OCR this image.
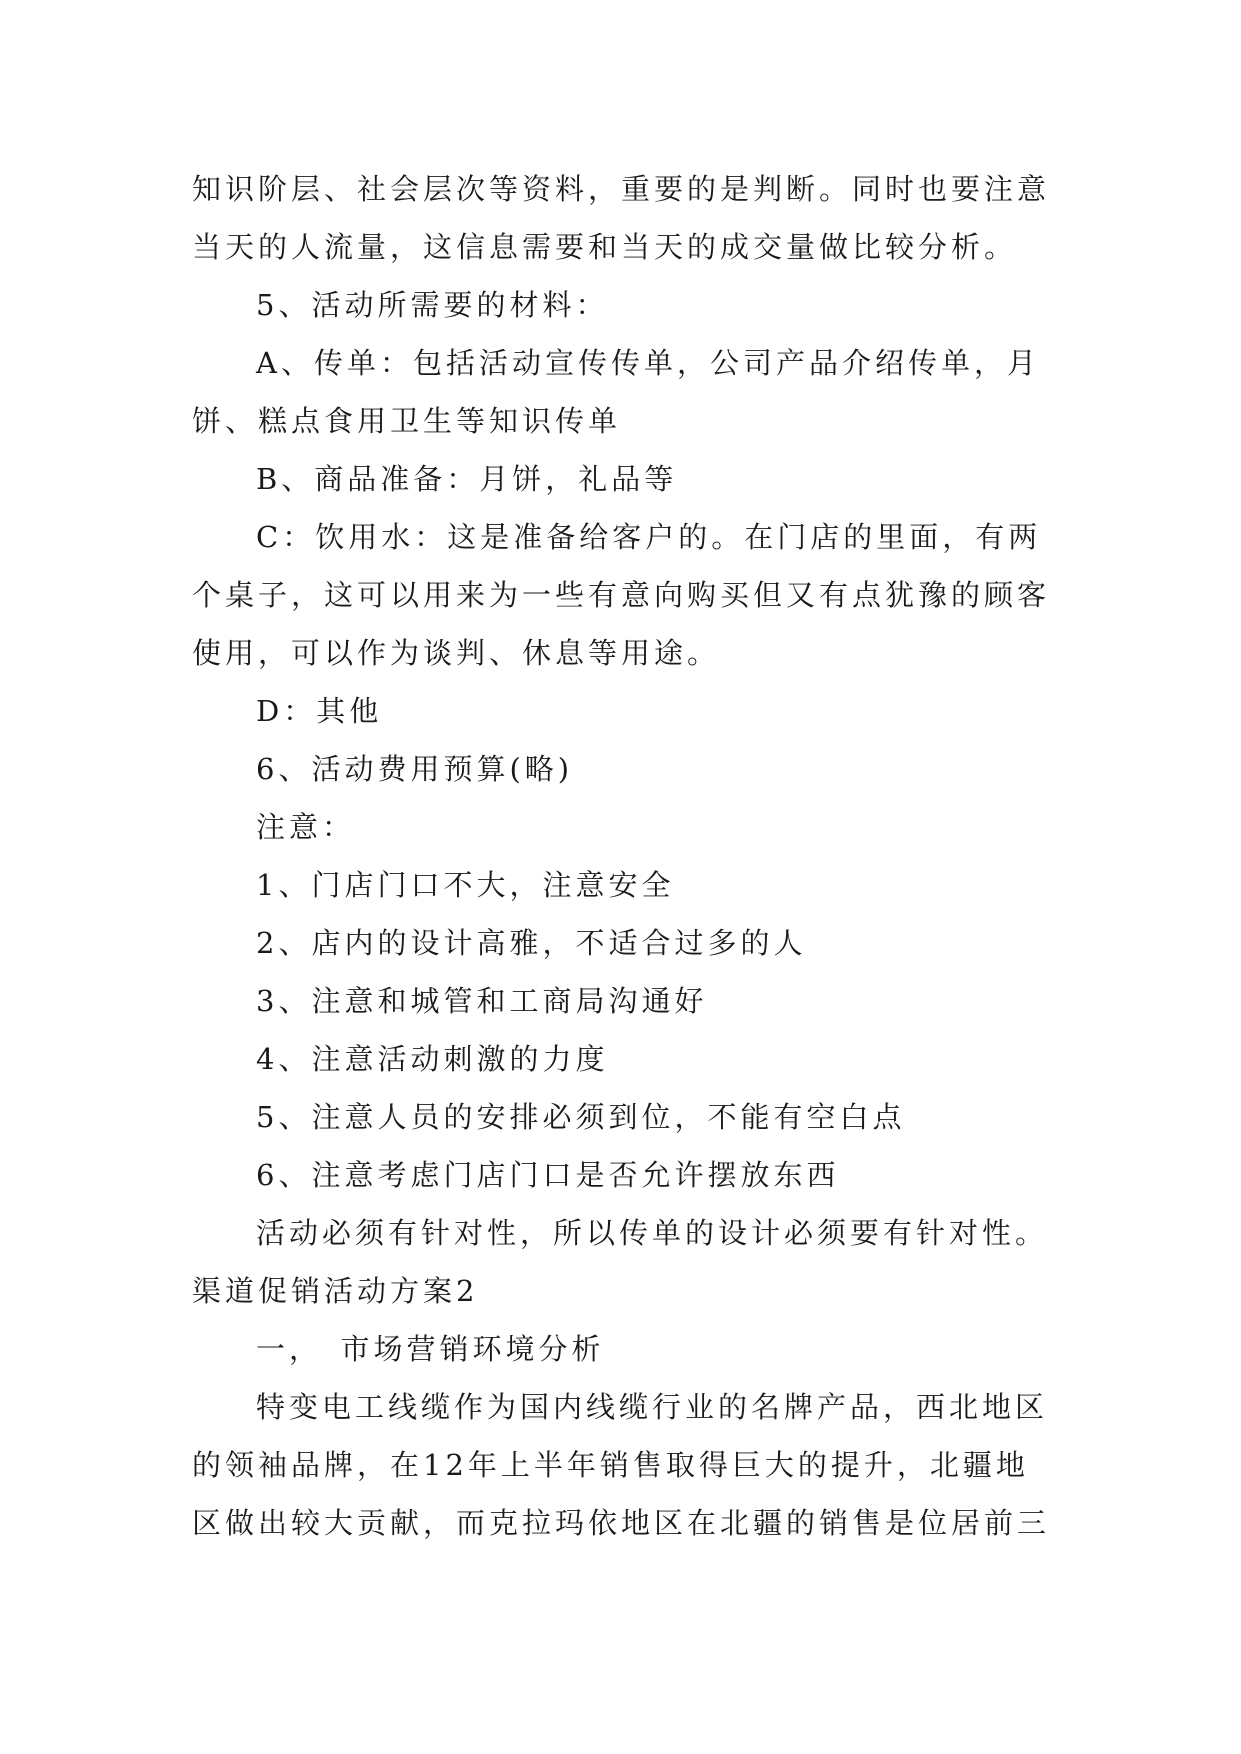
知识阶层、社会层次等资料，重要的是判断。同时也要注意
当天的人流量，这信息需要和当天的成交量做比较分析。
5、活动所需要的材料：
A、传单：包括活动宣传传单，公司产品介绍传单，月
饼、糕点食用卫生等知识传单
B、商品准备：月饼，礼品等
C：饮用水：这是准备给客户的。在门店的里面，有两
个桌子，这可以用来为一些有意向购买但又有点犹豫的顾客
使用，可以作为谈判、休息等用途。
D：其他
6、活动费用预算(略)
注意：
1、门店门口不大，注意安全
2、店内的设计高雅，不适合过多的人
3、注意和城管和工商局沟通好
4、注意活动刺激的力度
5、注意人员的安排必须到位，不能有空白点
6、注意考虑门店门口是否允许摆放东西
活动必须有针对性，所以传单的设计必须要有针对性。
渠道促销活动方案2
一，　市场营销环境分析
特变电工线缆作为国内线缆行业的名牌产品，西北地区
的领袖品牌，在12年上半年销售取得巨大的提升，北疆地
区做出较大贡献，而克拉玛依地区在北疆的销售是位居前三
